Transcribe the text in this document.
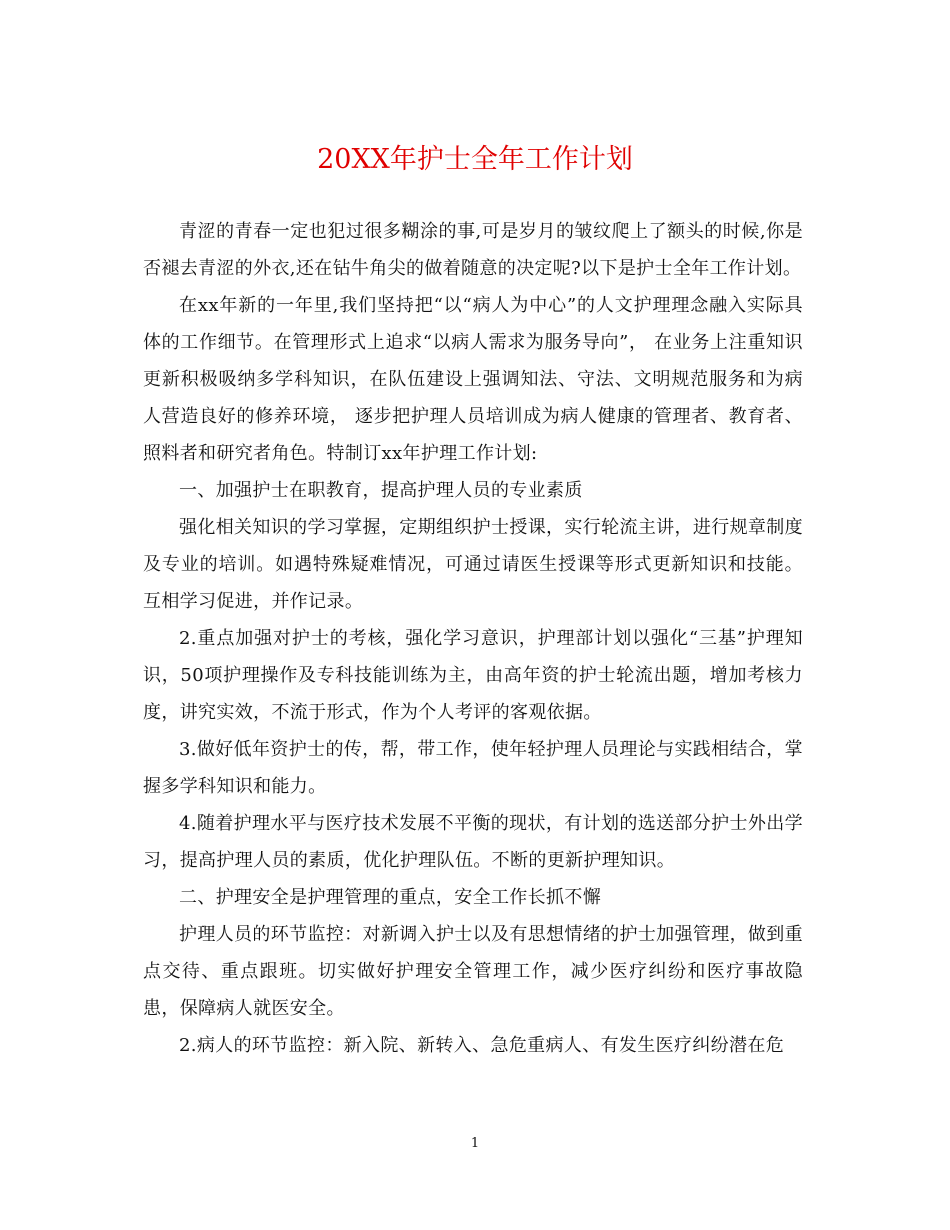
20XX年护士全年工作计划

青涩的青春一定也犯过很多糊涂的事,可是岁月的皱纹爬上了额头的时候,你是否褪去青涩的外衣,还在钻牛角尖的做着随意的决定呢?以下是护士全年工作计划。

在xx年新的一年里,我们坚持把“以“病人为中心”的人文护理理念融入实际具体的工作细节。在管理形式上追求“以病人需求为服务导向”， 在业务上注重知识更新积极吸纳多学科知识，在队伍建设上强调知法、守法、文明规范服务和为病人营造良好的修养环境， 逐步把护理人员培训成为病人健康的管理者、教育者、照料者和研究者角色。特制订xx年护理工作计划:

一、加强护士在职教育，提高护理人员的专业素质

强化相关知识的学习掌握，定期组织护士授课，实行轮流主讲，进行规章制度及专业的培训。如遇特殊疑难情况，可通过请医生授课等形式更新知识和技能。互相学习促进，并作记录。

2.重点加强对护士的考核，强化学习意识，护理部计划以强化“三基”护理知识，50项护理操作及专科技能训练为主，由高年资的护士轮流出题，增加考核力度，讲究实效，不流于形式，作为个人考评的客观依据。

3.做好低年资护士的传，帮，带工作，使年轻护理人员理论与实践相结合，掌握多学科知识和能力。

4.随着护理水平与医疗技术发展不平衡的现状，有计划的选送部分护士外出学习，提高护理人员的素质，优化护理队伍。不断的更新护理知识。

二、护理安全是护理管理的重点，安全工作长抓不懈

护理人员的环节监控：对新调入护士以及有思想情绪的护士加强管理，做到重点交待、重点跟班。切实做好护理安全管理工作，减少医疗纠纷和医疗事故隐患，保障病人就医安全。

2.病人的环节监控：新入院、新转入、急危重病人、有发生医疗纠纷潜在危

1
